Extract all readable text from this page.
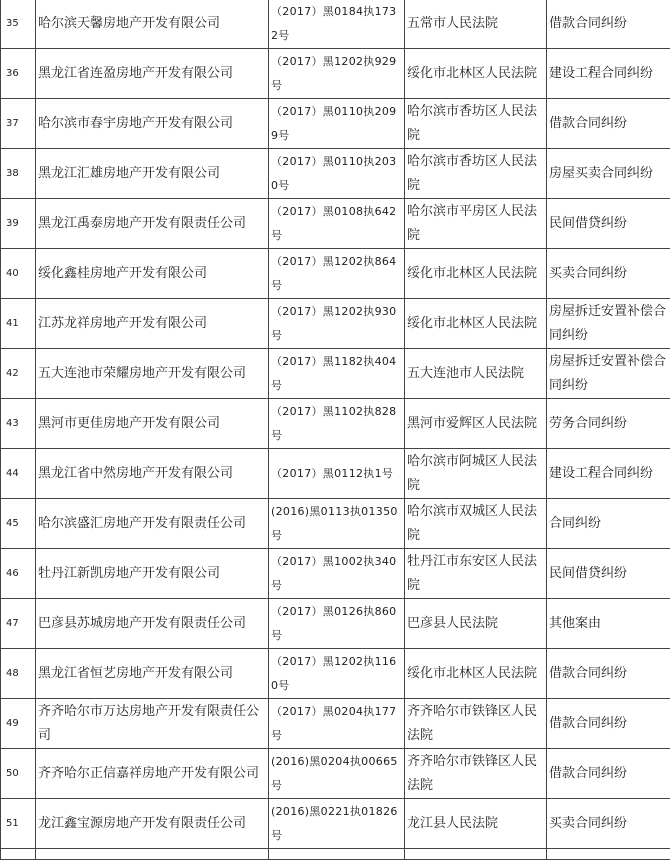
35	哈尔滨天馨房地产开发有限公司	（2017）黑0184执1732号	五常市人民法院	借款合同纠纷
36	黑龙江省连盈房地产开发有限公司	（2017）黑1202执929号	绥化市北林区人民法院	建设工程合同纠纷
37	哈尔滨市春宇房地产开发有限公司	（2017）黑0110执2099号	哈尔滨市香坊区人民法院	借款合同纠纷
38	黑龙江汇雄房地产开发有限公司	（2017）黑0110执2030号	哈尔滨市香坊区人民法院	房屋买卖合同纠纷
39	黑龙江禹泰房地产开发有限责任公司	（2017）黑0108执642号	哈尔滨市平房区人民法院	民间借贷纠纷
40	绥化鑫桂房地产开发有限公司	（2017）黑1202执864号	绥化市北林区人民法院	买卖合同纠纷
41	江苏龙祥房地产开发有限公司	（2017）黑1202执930号	绥化市北林区人民法院	房屋拆迁安置补偿合同纠纷
42	五大连池市荣耀房地产开发有限公司	（2017）黑1182执404号	五大连池市人民法院	房屋拆迁安置补偿合同纠纷
43	黑河市更佳房地产开发有限公司	（2017）黑1102执828号	黑河市爱辉区人民法院	劳务合同纠纷
44	黑龙江省中然房地产开发有限公司	（2017）黑0112执1号	哈尔滨市阿城区人民法院	建设工程合同纠纷
45	哈尔滨盛汇房地产开发有限责任公司	(2016)黑0113执01350号	哈尔滨市双城区人民法院	合同纠纷
46	牡丹江新凯房地产开发有限公司	（2017）黑1002执340号	牡丹江市东安区人民法院	民间借贷纠纷
47	巴彦县苏城房地产开发有限责任公司	（2017）黑0126执860号	巴彦县人民法院	其他案由
48	黑龙江省恒艺房地产开发有限公司	（2017）黑1202执1160号	绥化市北林区人民法院	借款合同纠纷
49	齐齐哈尔市万达房地产开发有限责任公司	（2017）黑0204执177号	齐齐哈尔市铁锋区人民法院	借款合同纠纷
50	齐齐哈尔正信嘉祥房地产开发有限公司	(2016)黑0204执00665号	齐齐哈尔市铁锋区人民法院	借款合同纠纷
51	龙江鑫宝源房地产开发有限责任公司	(2016)黑0221执01826号	龙江县人民法院	买卖合同纠纷
